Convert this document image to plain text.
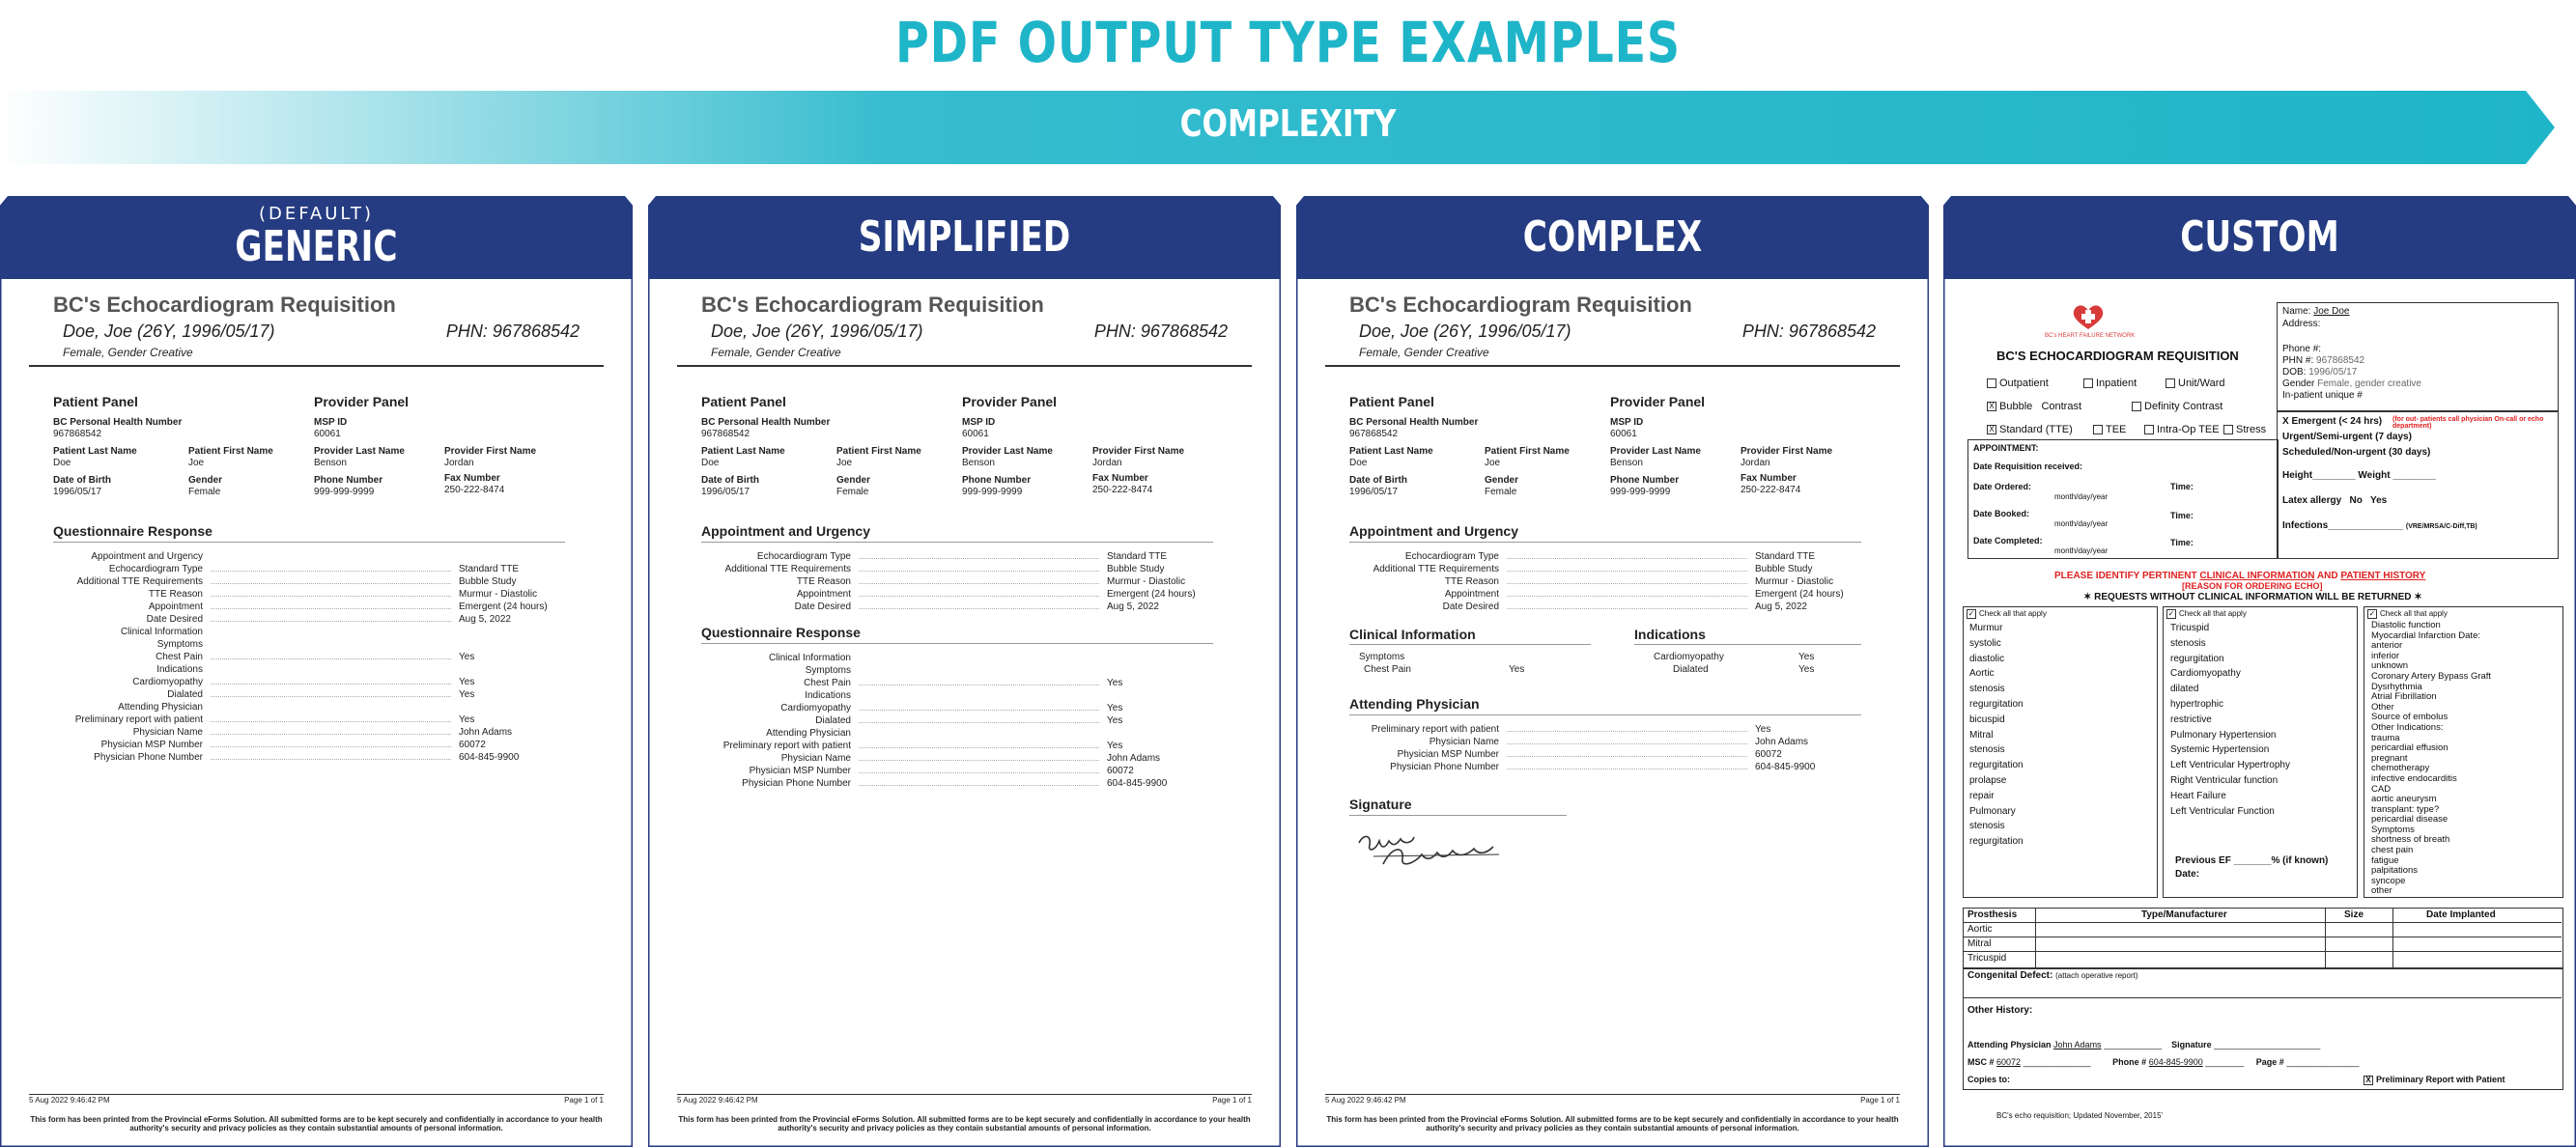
PDF OUTPUT TYPE EXAMPLES
COMPLEXITY
(DEFAULT)
GENERIC
BC's Echocardiogram Requisition
Doe, Joe (26Y, 1996/05/17)	PHN: 967868542
Female, Gender Creative
Patient Panel	Provider Panel
BC Personal Health Number
967868542
MSP ID
60061
Patient Last Name
Doe
Patient First Name
Joe
Provider Last Name
Benson
Provider First Name
Jordan
Date of Birth
1996/05/17
Gender
Female
Phone Number
999-999-9999
Fax Number
250-222-8474
Questionnaire Response
Appointment and Urgency
Echocardiogram Type	Standard TTE
Additional TTE Requirements	Bubble Study
TTE Reason	Murmur - Diastolic
Appointment	Emergent (24 hours)
Date Desired	Aug 5, 2022
Clinical Information
Symptoms
Chest Pain	Yes
Indications
Cardiomyopathy	Yes
Dialated	Yes
Attending Physician
Preliminary report with patient	Yes
Physician Name	John Adams
Physician MSP Number	60072
Physician Phone Number	604-845-9900
5 Aug 2022 9:46:42 PM	Page 1 of 1
This form has been printed from the Provincial eForms Solution. All submitted forms are to be kept securely and confidentially in accordance to your health authority's security and privacy policies as they contain substantial amounts of personal information.
SIMPLIFIED
BC's Echocardiogram Requisition
Doe, Joe (26Y, 1996/05/17)	PHN: 967868542
Female, Gender Creative
Patient Panel	Provider Panel
BC Personal Health Number
967868542
MSP ID
60061
Patient Last Name
Doe
Patient First Name
Joe
Provider Last Name
Benson
Provider First Name
Jordan
Date of Birth
1996/05/17
Gender
Female
Phone Number
999-999-9999
Fax Number
250-222-8474
Appointment and Urgency
Echocardiogram Type	Standard TTE
Additional TTE Requirements	Bubble Study
TTE Reason	Murmur - Diastolic
Appointment	Emergent (24 hours)
Date Desired	Aug 5, 2022
Questionnaire Response
Clinical Information
Symptoms
Chest Pain	Yes
Indications
Cardiomyopathy	Yes
Dialated	Yes
Attending Physician
Preliminary report with patient	Yes
Physician Name	John Adams
Physician MSP Number	60072
Physician Phone Number	604-845-9900
5 Aug 2022 9:46:42 PM	Page 1 of 1
This form has been printed from the Provincial eForms Solution. All submitted forms are to be kept securely and confidentially in accordance to your health authority's security and privacy policies as they contain substantial amounts of personal information.
COMPLEX
BC's Echocardiogram Requisition
Doe, Joe (26Y, 1996/05/17)	PHN: 967868542
Female, Gender Creative
Patient Panel	Provider Panel
BC Personal Health Number
967868542
MSP ID
60061
Patient Last Name
Doe
Patient First Name
Joe
Provider Last Name
Benson
Provider First Name
Jordan
Date of Birth
1996/05/17
Gender
Female
Phone Number
999-999-9999
Fax Number
250-222-8474
Appointment and Urgency
Echocardiogram Type	Standard TTE
Additional TTE Requirements	Bubble Study
TTE Reason	Murmur - Diastolic
Appointment	Emergent (24 hours)
Date Desired	Aug 5, 2022
Clinical Information	Indications
Symptoms
Chest Pain	Yes
Cardiomyopathy	Yes
Dialated	Yes
Attending Physician
Preliminary report with patient	Yes
Physician Name	John Adams
Physician MSP Number	60072
Physician Phone Number	604-845-9900
Signature
5 Aug 2022 9:46:42 PM	Page 1 of 1
This form has been printed from the Provincial eForms Solution. All submitted forms are to be kept securely and confidentially in accordance to your health authority's security and privacy policies as they contain substantial amounts of personal information.
CUSTOM
BC's HEART FAILURE NETWORK
BC'S ECHOCARDIOGRAM REQUISITION
Name: Joe Doe
Address:
Phone #:
PHN #: 967868542
DOB: 1996/05/17
Gender Female, gender creative
In-patient unique #
Outpatient	Inpatient	Unit/Ward
X Bubble Contrast	Definity Contrast
X Standard (TTE)	TEE	Intra-Op TEE	Stress
APPOINTMENT:
Date Requisition received:
Date Ordered:
month/day/year
Time:
Date Booked:
month/day/year
Time:
Date Completed:
month/day/year
Time:
X Emergent (< 24 hrs) (for out- patients call physician On-call or echo department)
Urgent/Semi-urgent (7 days)
Scheduled/Non-urgent (30 days)
Height________ Weight ________
Latex allergy No Yes
Infections______________ (VRE/MRSA/C-Diff,TB)
PLEASE IDENTIFY PERTINENT CLINICAL INFORMATION AND PATIENT HISTORY
[REASON FOR ORDERING ECHO]
✶ REQUESTS WITHOUT CLINICAL INFORMATION WILL BE RETURNED ✶
✓ Check all that apply	✓ Check all that apply	✓ Check all that apply
Murmur
systolic
diastolic
Aortic
stenosis
regurgitation
bicuspid
Mitral
stenosis
regurgitation
prolapse
repair
Pulmonary
stenosis
regurgitation
Tricuspid
stenosis
regurgitation
Cardiomyopathy
dilated
hypertrophic
restrictive
Pulmonary Hypertension
Systemic Hypertension
Left Ventricular Hypertrophy
Right Ventricular function
Heart Failure
Left Ventricular Function
Previous EF _______% (if known)
Date:
Diastolic function
Myocardial Infarction Date:
anterior
inferior
unknown
Coronary Artery Bypass Graft
Dysrhythmia
Atrial Fibrillation
Other
Source of embolus
Other Indications:
trauma
pericardial effusion
pregnant
chemotherapy
infective endocarditis
CAD
aortic aneurysm
transplant: type?
pericardial disease
Symptoms
shortness of breath
chest pain
fatigue
palpitations
syncope
other
Prosthesis	Type/Manufacturer	Size	Date Implanted
Aortic
Mitral
Tricuspid
Congenital Defect: (attach operative report)
Other History:
Attending Physician John Adams ____________    Signature ______________________
MSC # 60072 ______________         Phone # 604-845-9900 ________     Page # _______________
Copies to:	X Preliminary Report with Patient
BC's echo requisition; Updated November, 2015'
